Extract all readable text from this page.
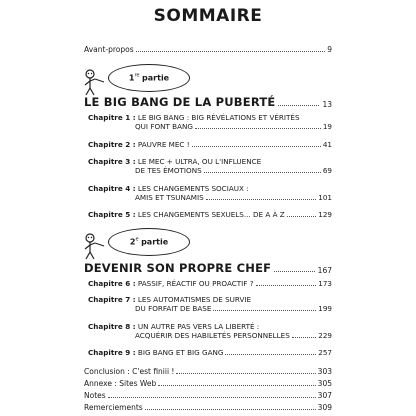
SOMMAIRE
Avant-propos	9
1re partie
LE BIG BANG DE LA PUBERTÉ	13
Chapitre 1 : LE BIG BANG : BIG RÉVÉLATIONS ET VÉRITÉS
QUI FONT BANG	19
Chapitre 2 : PAUVRE MEC !	41
Chapitre 3 : LE MEC + ULTRA, OU L'INFLUENCE
DE TES ÉMOTIONS	69
Chapitre 4 : LES CHANGEMENTS SOCIAUX :
AMIS ET TSUNAMIS	101
Chapitre 5 : LES CHANGEMENTS SEXUELS... DE A À Z	129
2e partie
DEVENIR SON PROPRE CHEF	167
Chapitre 6 : PASSIF, RÉACTIF OU PROACTIF ?	173
Chapitre 7 : LES AUTOMATISMES DE SURVIE
DU FORFAIT DE BASE	199
Chapitre 8 : UN AUTRE PAS VERS LA LIBERTÉ :
ACQUÉRIR DES HABILETÉS PERSONNELLES	229
Chapitre 9 : BIG BANG ET BIG GANG	257
Conclusion : C'est finiii !	303
Annexe : Sites Web	305
Notes	307
Remerciements	309
